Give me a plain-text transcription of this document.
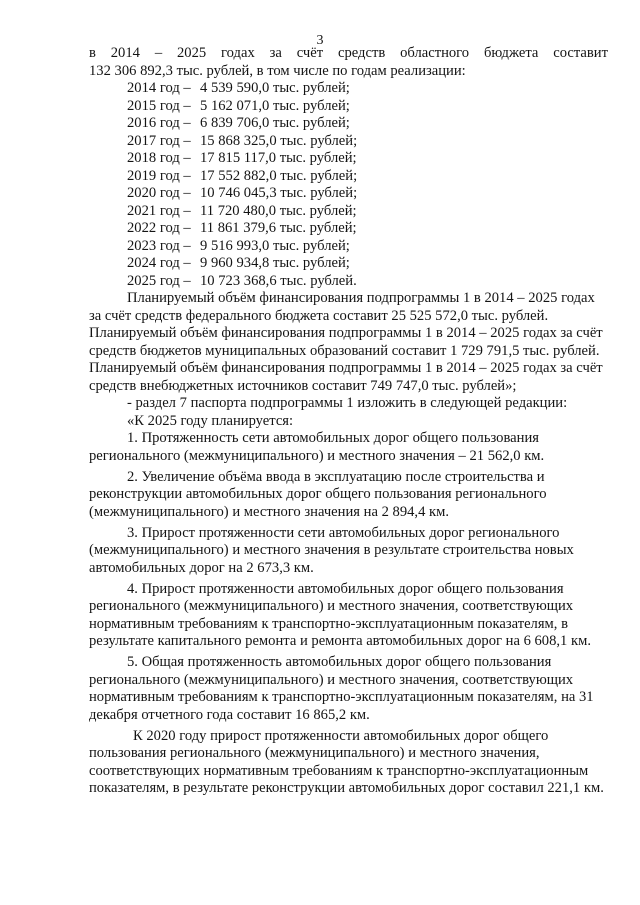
3

в 2014 – 2025 годах за счёт средств областного бюджета составит

132 306 892,3 тыс. рублей, в том числе по годам реализации:

2014 год – 4 539 590,0 тыс. рублей;
2015 год – 5 162 071,0 тыс. рублей;
2016 год – 6 839 706,0 тыс. рублей;
2017 год – 15 868 325,0 тыс. рублей;
2018 год – 17 815 117,0 тыс. рублей;
2019 год – 17 552 882,0 тыс. рублей;
2020 год – 10 746 045,3 тыс. рублей;
2021 год – 11 720 480,0 тыс. рублей;
2022 год – 11 861 379,6 тыс. рублей;
2023 год – 9 516 993,0 тыс. рублей;
2024 год – 9 960 934,8 тыс. рублей;
2025 год – 10 723 368,6 тыс. рублей.

Планируемый объём финансирования подпрограммы 1 в 2014 – 2025 годах за счёт средств федерального бюджета составит 25 525 572,0 тыс. рублей. Планируемый объём финансирования подпрограммы 1 в 2014 – 2025 годах за счёт средств бюджетов муниципальных образований составит 1 729 791,5 тыс. рублей. Планируемый объём финансирования подпрограммы 1 в 2014 – 2025 годах за счёт средств внебюджетных источников составит 749 747,0 тыс. рублей»;

- раздел 7 паспорта подпрограммы 1 изложить в следующей редакции:

«К 2025 году планируется:

1. Протяженность сети автомобильных дорог общего пользования регионального (межмуниципального) и местного значения – 21 562,0 км.

2. Увеличение объёма ввода в эксплуатацию после строительства и реконструкции автомобильных дорог общего пользования регионального (межмуниципального) и местного значения на 2 894,4 км.

3. Прирост протяженности сети автомобильных дорог регионального (межмуниципального) и местного значения в результате строительства новых автомобильных дорог на 2 673,3 км.

4. Прирост протяженности автомобильных дорог общего пользования регионального (межмуниципального) и местного значения, соответствующих нормативным требованиям к транспортно-эксплуатационным показателям, в результате капитального ремонта и ремонта автомобильных дорог на 6 608,1 км.

5. Общая протяженность автомобильных дорог общего пользования регионального (межмуниципального) и местного значения, соответствующих нормативным требованиям к транспортно-эксплуатационным показателям, на 31 декабря отчетного года составит 16 865,2 км.

К 2020 году прирост протяженности автомобильных дорог общего пользования регионального (межмуниципального) и местного значения, соответствующих нормативным требованиям к транспортно-эксплуатационным показателям, в результате реконструкции автомобильных дорог составил 221,1 км.
